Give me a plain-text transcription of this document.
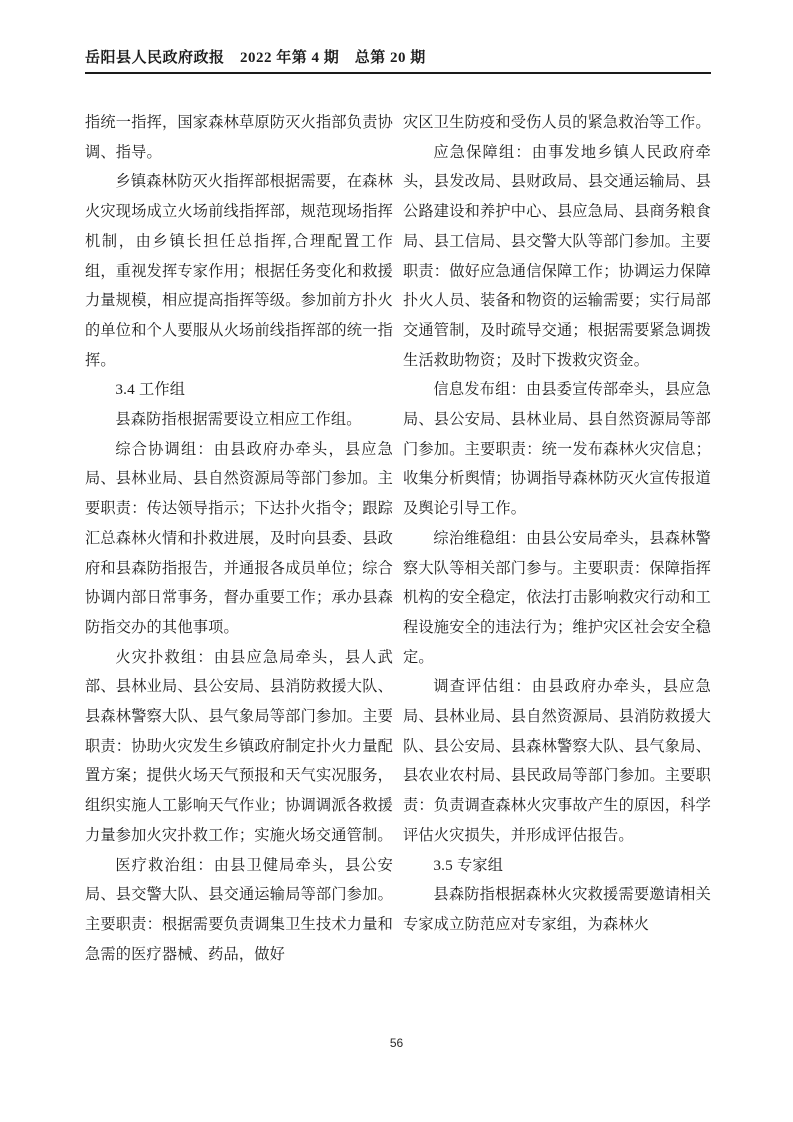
岳阳县人民政府政报　2022 年第 4 期　总第 20 期

指统一指挥，国家森林草原防灭火指部负责协调、指导。

乡镇森林防灭火指挥部根据需要，在森林火灾现场成立火场前线指挥部，规范现场指挥机制，由乡镇长担任总指挥,合理配置工作组，重视发挥专家作用；根据任务变化和救援力量规模，相应提高指挥等级。参加前方扑火的单位和个人要服从火场前线指挥部的统一指挥。

3.4 工作组

县森防指根据需要设立相应工作组。

综合协调组：由县政府办牵头，县应急局、县林业局、县自然资源局等部门参加。主要职责：传达领导指示；下达扑火指令；跟踪汇总森林火情和扑救进展，及时向县委、县政府和县森防指报告，并通报各成员单位；综合协调内部日常事务，督办重要工作；承办县森防指交办的其他事项。

火灾扑救组：由县应急局牵头，县人武部、县林业局、县公安局、县消防救援大队、县森林警察大队、县气象局等部门参加。主要职责：协助火灾发生乡镇政府制定扑火力量配置方案；提供火场天气预报和天气实况服务，组织实施人工影响天气作业；协调调派各救援力量参加火灾扑救工作；实施火场交通管制。

医疗救治组：由县卫健局牵头，县公安局、县交警大队、县交通运输局等部门参加。主要职责：根据需要负责调集卫生技术力量和急需的医疗器械、药品，做好

灾区卫生防疫和受伤人员的紧急救治等工作。

应急保障组：由事发地乡镇人民政府牵头，县发改局、县财政局、县交通运输局、县公路建设和养护中心、县应急局、县商务粮食局、县工信局、县交警大队等部门参加。主要职责：做好应急通信保障工作；协调运力保障扑火人员、装备和物资的运输需要；实行局部交通管制，及时疏导交通；根据需要紧急调拨生活救助物资；及时下拨救灾资金。

信息发布组：由县委宣传部牵头，县应急局、县公安局、县林业局、县自然资源局等部门参加。主要职责：统一发布森林火灾信息；收集分析舆情；协调指导森林防灭火宣传报道及舆论引导工作。

综治维稳组：由县公安局牵头，县森林警察大队等相关部门参与。主要职责：保障指挥机构的安全稳定，依法打击影响救灾行动和工程设施安全的违法行为；维护灾区社会安全稳定。

调查评估组：由县政府办牵头，县应急局、县林业局、县自然资源局、县消防救援大队、县公安局、县森林警察大队、县气象局、县农业农村局、县民政局等部门参加。主要职责：负责调查森林火灾事故产生的原因，科学评估火灾损失，并形成评估报告。

3.5 专家组

县森防指根据森林火灾救援需要邀请相关专家成立防范应对专家组，为森林火

56
